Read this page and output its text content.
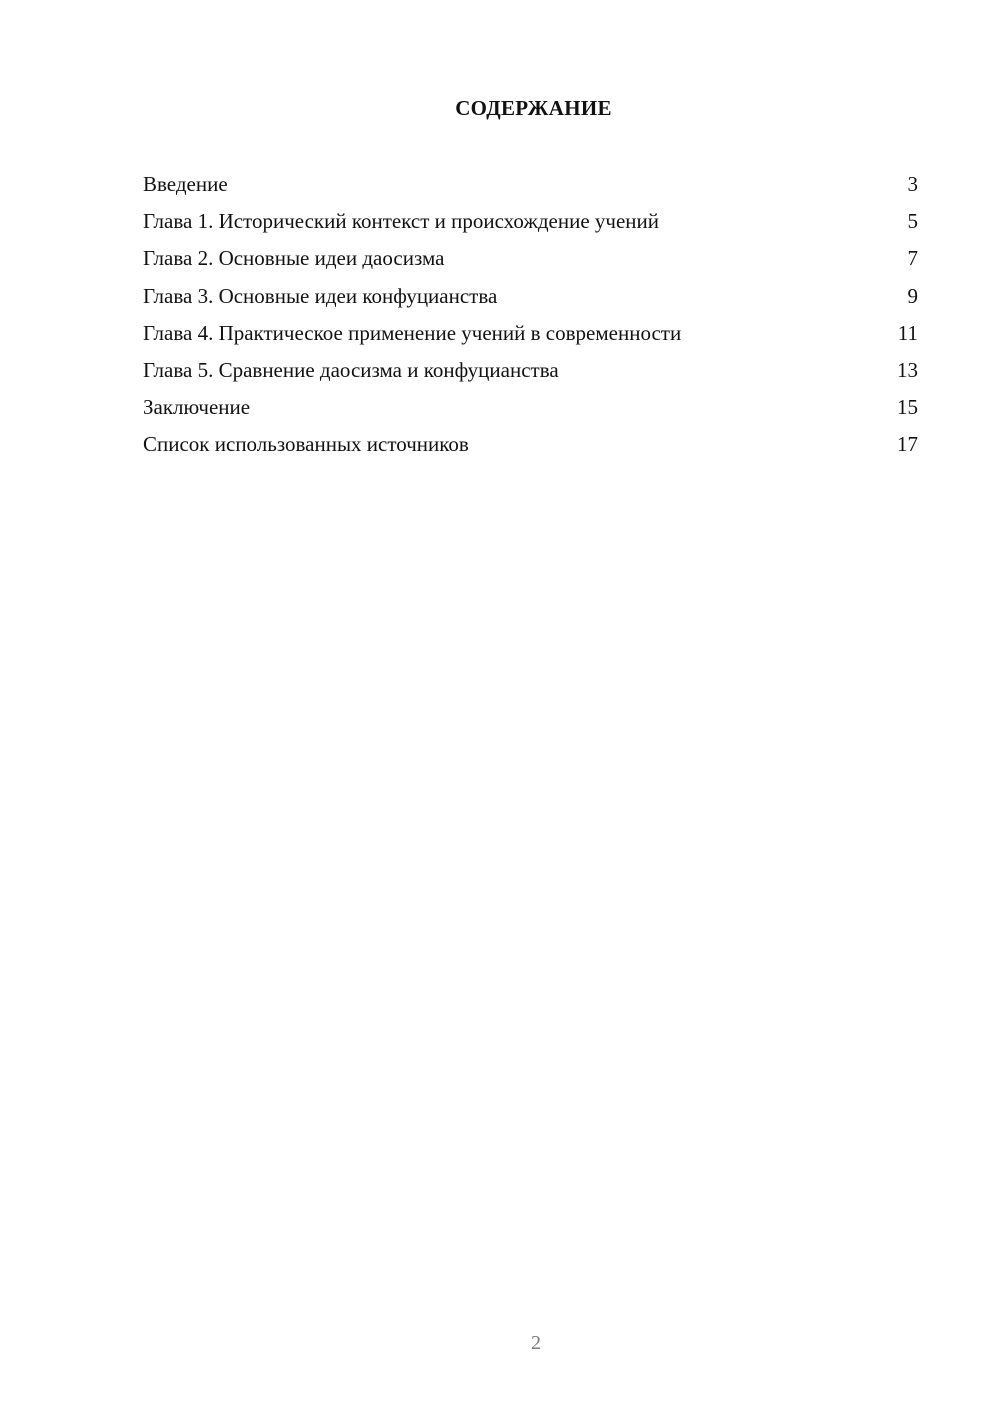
СОДЕРЖАНИЕ
Введение	3
Глава 1. Исторический контекст и происхождение учений	5
Глава 2. Основные идеи даосизма	7
Глава 3. Основные идеи конфуцианства	9
Глава 4. Практическое применение учений в современности	11
Глава 5. Сравнение даосизма и конфуцианства	13
Заключение	15
Список использованных источников	17
2
